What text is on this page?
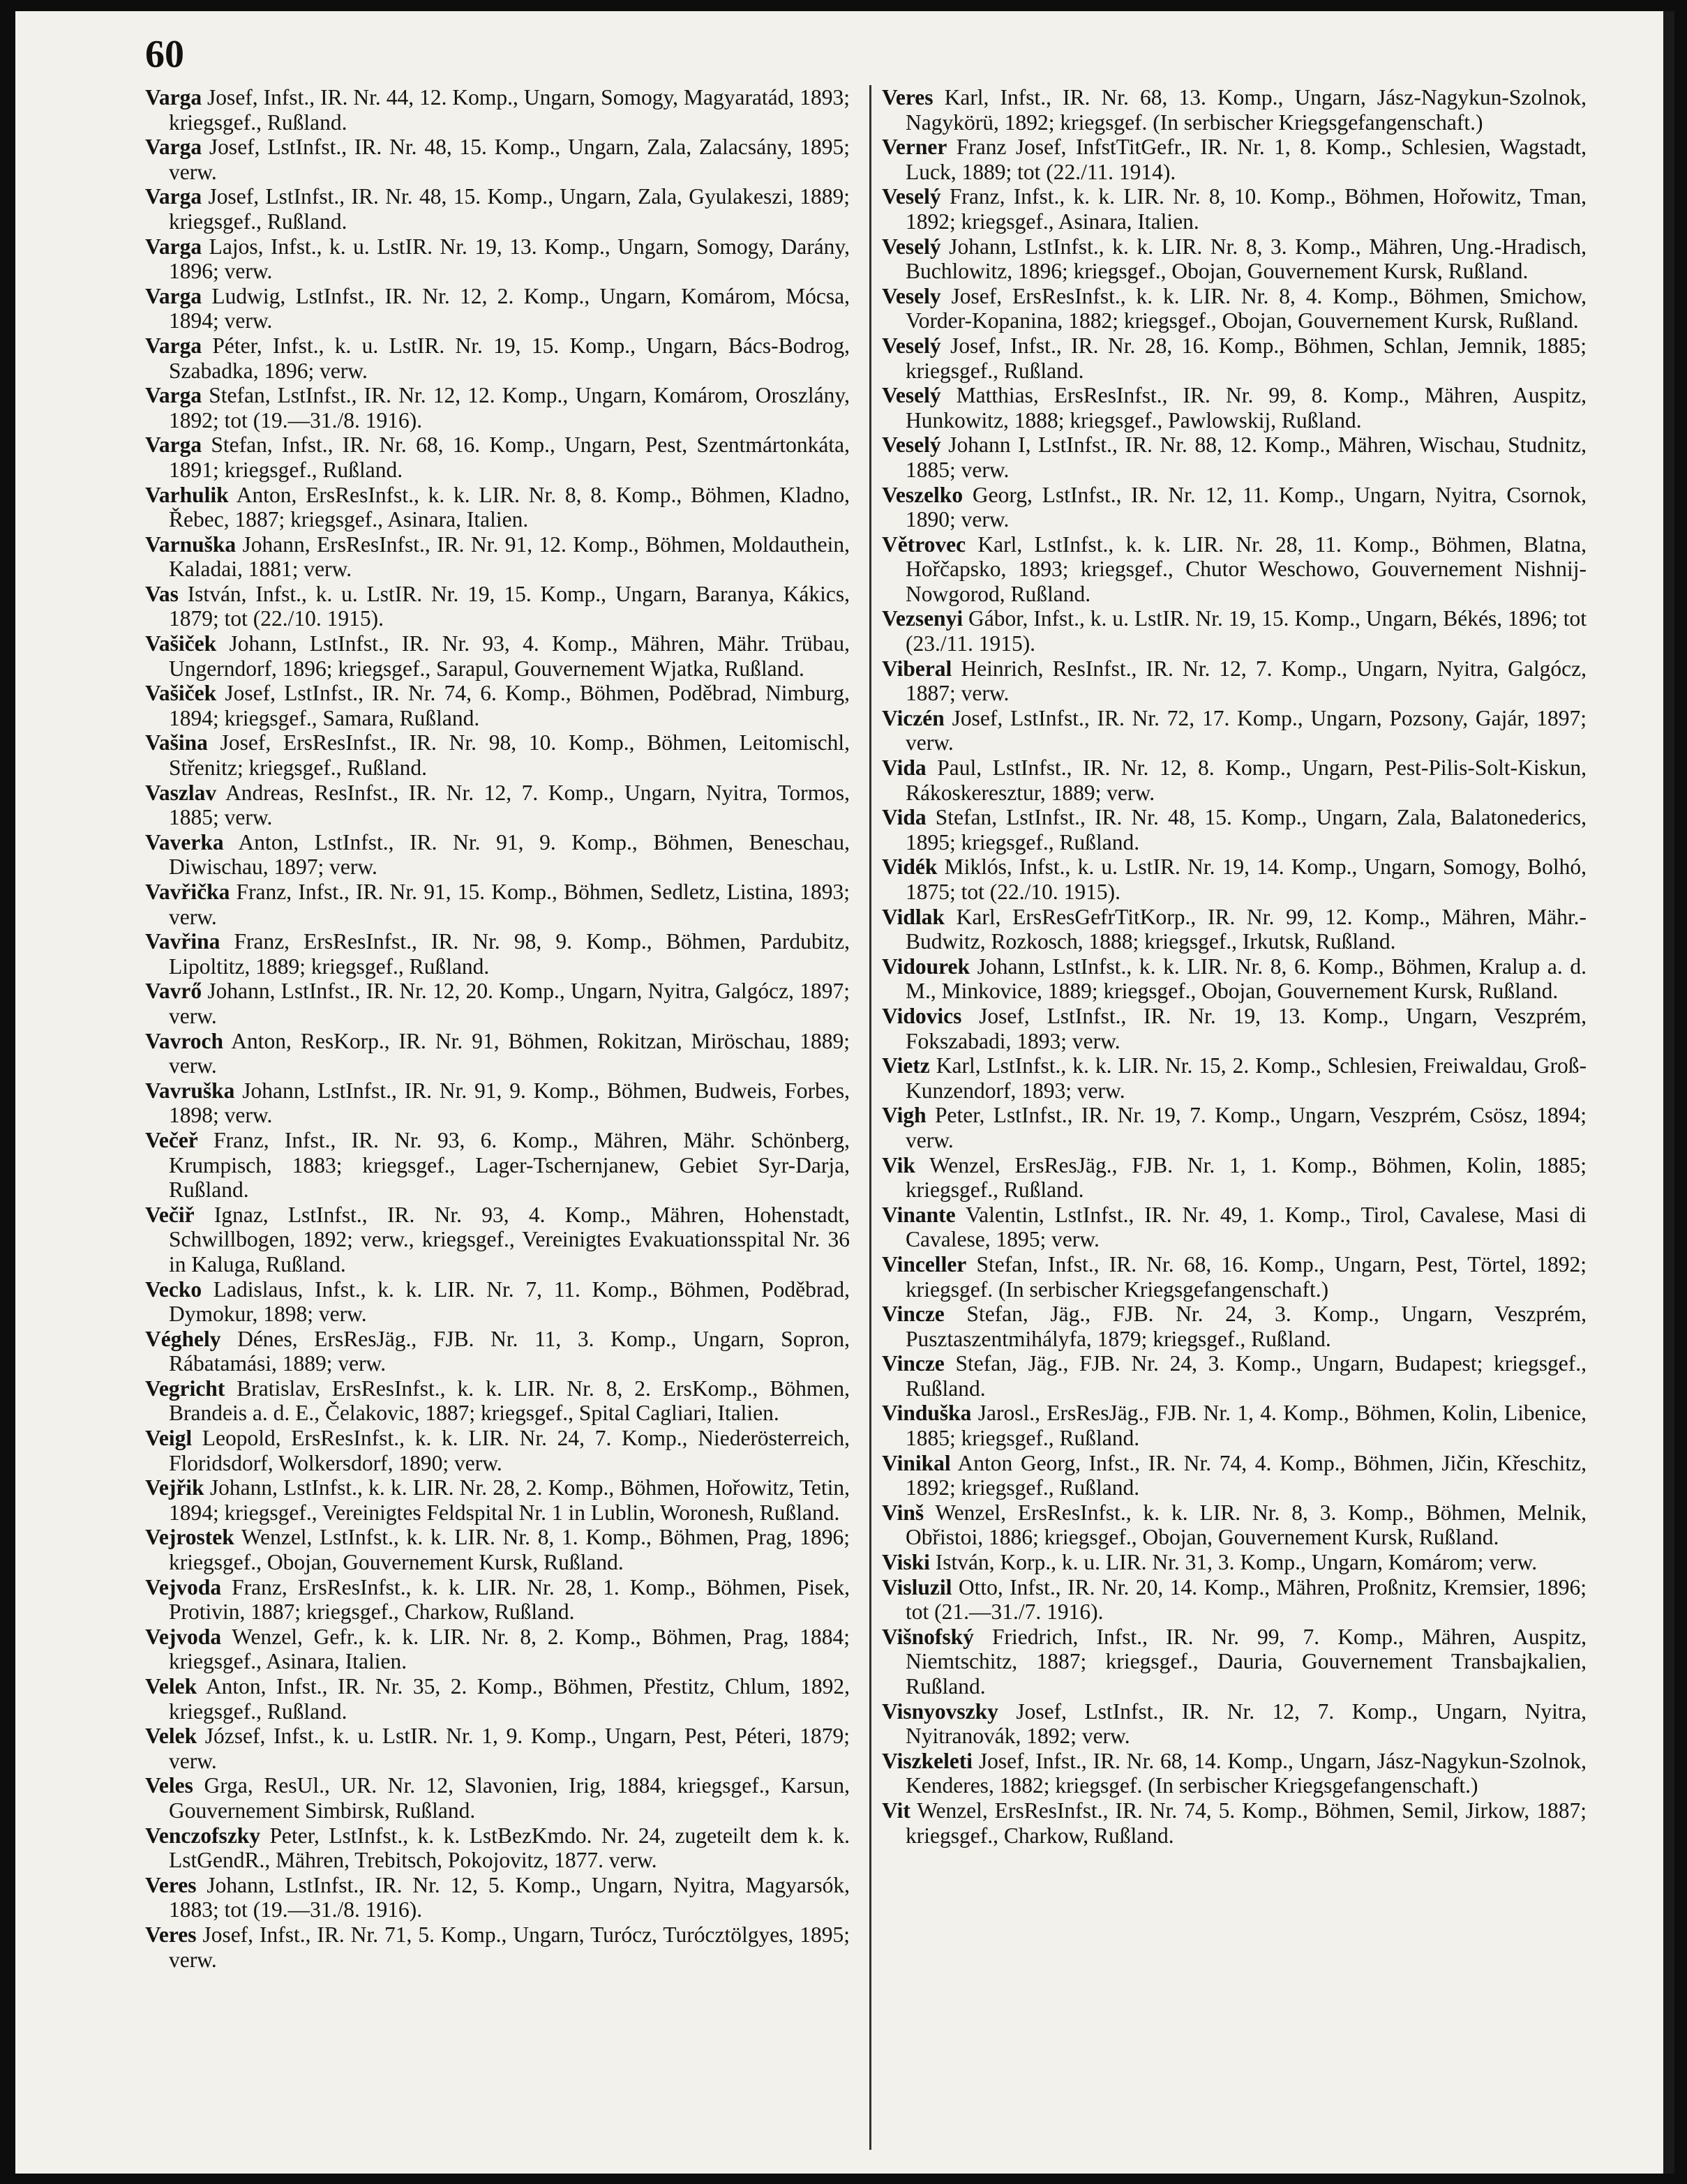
60

Varga Josef, Infst., IR. Nr. 44, 12. Komp., Ungarn, Somogy, Magyaratád, 1893; kriegsgef., Rußland.

Varga Josef, LstInfst., IR. Nr. 48, 15. Komp., Ungarn, Zala, Zalacsány, 1895; verw.

Varga Josef, LstInfst., IR. Nr. 48, 15. Komp., Ungarn, Zala, Gyulakeszi, 1889; kriegsgef., Rußland.

Varga Lajos, Infst., k. u. LstIR. Nr. 19, 13. Komp., Ungarn, Somogy, Darány, 1896; verw.

Varga Ludwig, LstInfst., IR. Nr. 12, 2. Komp., Ungarn, Komárom, Mócsa, 1894; verw.

Varga Péter, Infst., k. u. LstIR. Nr. 19, 15. Komp., Ungarn, Bács-Bodrog, Szabadka, 1896; verw.

Varga Stefan, LstInfst., IR. Nr. 12, 12. Komp., Ungarn, Komárom, Oroszlány, 1892; tot (19.—31./8. 1916).

Varga Stefan, Infst., IR. Nr. 68, 16. Komp., Ungarn, Pest, Szentmártonkáta, 1891; kriegsgef., Rußland.

Varhulik Anton, ErsResInfst., k. k. LIR. Nr. 8, 8. Komp., Böhmen, Kladno, Řebec, 1887; kriegsgef., Asinara, Italien.

Varnuška Johann, ErsResInfst., IR. Nr. 91, 12. Komp., Böhmen, Moldauthein, Kaladai, 1881; verw.

Vas István, Infst., k. u. LstIR. Nr. 19, 15. Komp., Ungarn, Baranya, Kákics, 1879; tot (22./10. 1915).

Vašiček Johann, LstInfst., IR. Nr. 93, 4. Komp., Mähren, Mähr. Trübau, Ungerndorf, 1896; kriegsgef., Sarapul, Gouvernement Wjatka, Rußland.

Vašiček Josef, LstInfst., IR. Nr. 74, 6. Komp., Böhmen, Poděbrad, Nimburg, 1894; kriegsgef., Samara, Rußland.

Vašina Josef, ErsResInfst., IR. Nr. 98, 10. Komp., Böhmen, Leitomischl, Střenitz; kriegsgef., Rußland.

Vaszlav Andreas, ResInfst., IR. Nr. 12, 7. Komp., Ungarn, Nyitra, Tormos, 1885; verw.

Vaverka Anton, LstInfst., IR. Nr. 91, 9. Komp., Böhmen, Beneschau, Diwischau, 1897; verw.

Vavřička Franz, Infst., IR. Nr. 91, 15. Komp., Böhmen, Sedletz, Listina, 1893; verw.

Vavřina Franz, ErsResInfst., IR. Nr. 98, 9. Komp., Böhmen, Pardubitz, Lipoltitz, 1889; kriegsgef., Rußland.

Vavrő Johann, LstInfst., IR. Nr. 12, 20. Komp., Ungarn, Nyitra, Galgócz, 1897; verw.

Vavroch Anton, ResKorp., IR. Nr. 91, Böhmen, Rokitzan, Miröschau, 1889; verw.

Vavruška Johann, LstInfst., IR. Nr. 91, 9. Komp., Böhmen, Budweis, Forbes, 1898; verw.

Večeř Franz, Infst., IR. Nr. 93, 6. Komp., Mähren, Mähr. Schönberg, Krumpisch, 1883; kriegsgef., Lager-Tschernjanew, Gebiet Syr-Darja, Rußland.

Večiř Ignaz, LstInfst., IR. Nr. 93, 4. Komp., Mähren, Hohenstadt, Schwillbogen, 1892; verw., kriegsgef., Vereinigtes Evakuationsspital Nr. 36 in Kaluga, Rußland.

Vecko Ladislaus, Infst., k. k. LIR. Nr. 7, 11. Komp., Böhmen, Poděbrad, Dymokur, 1898; verw.

Véghely Dénes, ErsResJäg., FJB. Nr. 11, 3. Komp., Ungarn, Sopron, Rábatamási, 1889; verw.

Vegricht Bratislav, ErsResInfst., k. k. LIR. Nr. 8, 2. ErsKomp., Böhmen, Brandeis a. d. E., Čelakovic, 1887; kriegsgef., Spital Cagliari, Italien.

Veigl Leopold, ErsResInfst., k. k. LIR. Nr. 24, 7. Komp., Niederösterreich, Floridsdorf, Wolkersdorf, 1890; verw.

Vejřik Johann, LstInfst., k. k. LIR. Nr. 28, 2. Komp., Böhmen, Hořowitz, Tetin, 1894; kriegsgef., Vereinigtes Feldspital Nr. 1 in Lublin, Woronesh, Rußland.

Vejrostek Wenzel, LstInfst., k. k. LIR. Nr. 8, 1. Komp., Böhmen, Prag, 1896; kriegsgef., Obojan, Gouvernement Kursk, Rußland.

Vejvoda Franz, ErsResInfst., k. k. LIR. Nr. 28, 1. Komp., Böhmen, Pisek, Protivin, 1887; kriegsgef., Charkow, Rußland.

Vejvoda Wenzel, Gefr., k. k. LIR. Nr. 8, 2. Komp., Böhmen, Prag, 1884; kriegsgef., Asinara, Italien.

Velek Anton, Infst., IR. Nr. 35, 2. Komp., Böhmen, Přestitz, Chlum, 1892, kriegsgef., Rußland.

Velek József, Infst., k. u. LstIR. Nr. 1, 9. Komp., Ungarn, Pest, Péteri, 1879; verw.

Veles Grga, ResUl., UR. Nr. 12, Slavonien, Irig, 1884, kriegsgef., Karsun, Gouvernement Simbirsk, Rußland.

Venczofszky Peter, LstInfst., k. k. LstBezKmdo. Nr. 24, zugeteilt dem k. k. LstGendR., Mähren, Trebitsch, Pokojovitz, 1877. verw.

Veres Johann, LstInfst., IR. Nr. 12, 5. Komp., Ungarn, Nyitra, Magyarsók, 1883; tot (19.—31./8. 1916).

Veres Josef, Infst., IR. Nr. 71, 5. Komp., Ungarn, Turócz, Turócztölgyes, 1895; verw.

Veres Karl, Infst., IR. Nr. 68, 13. Komp., Ungarn, Jász-Nagykun-Szolnok, Nagykörü, 1892; kriegsgef. (In serbischer Kriegsgefangenschaft.)

Verner Franz Josef, InfstTitGefr., IR. Nr. 1, 8. Komp., Schlesien, Wagstadt, Luck, 1889; tot (22./11. 1914).

Veselý Franz, Infst., k. k. LIR. Nr. 8, 10. Komp., Böhmen, Hořowitz, Tman, 1892; kriegsgef., Asinara, Italien.

Veselý Johann, LstInfst., k. k. LIR. Nr. 8, 3. Komp., Mähren, Ung.-Hradisch, Buchlowitz, 1896; kriegsgef., Obojan, Gouvernement Kursk, Rußland.

Vesely Josef, ErsResInfst., k. k. LIR. Nr. 8, 4. Komp., Böhmen, Smichow, Vorder-Kopanina, 1882; kriegsgef., Obojan, Gouvernement Kursk, Rußland.

Veselý Josef, Infst., IR. Nr. 28, 16. Komp., Böhmen, Schlan, Jemnik, 1885; kriegsgef., Rußland.

Veselý Matthias, ErsResInfst., IR. Nr. 99, 8. Komp., Mähren, Auspitz, Hunkowitz, 1888; kriegsgef., Pawlowskij, Rußland.

Veselý Johann I, LstInfst., IR. Nr. 88, 12. Komp., Mähren, Wischau, Studnitz, 1885; verw.

Veszelko Georg, LstInfst., IR. Nr. 12, 11. Komp., Ungarn, Nyitra, Csornok, 1890; verw.

Větrovec Karl, LstInfst., k. k. LIR. Nr. 28, 11. Komp., Böhmen, Blatna, Hořčapsko, 1893; kriegsgef., Chutor Weschowo, Gouvernement Nishnij-Nowgorod, Rußland.

Vezsenyi Gábor, Infst., k. u. LstIR. Nr. 19, 15. Komp., Ungarn, Békés, 1896; tot (23./11. 1915).

Viberal Heinrich, ResInfst., IR. Nr. 12, 7. Komp., Ungarn, Nyitra, Galgócz, 1887; verw.

Viczén Josef, LstInfst., IR. Nr. 72, 17. Komp., Ungarn, Pozsony, Gajár, 1897; verw.

Vida Paul, LstInfst., IR. Nr. 12, 8. Komp., Ungarn, Pest-Pilis-Solt-Kiskun, Rákoskeresztur, 1889; verw.

Vida Stefan, LstInfst., IR. Nr. 48, 15. Komp., Ungarn, Zala, Balatonederics, 1895; kriegsgef., Rußland.

Vidék Miklós, Infst., k. u. LstIR. Nr. 19, 14. Komp., Ungarn, Somogy, Bolhó, 1875; tot (22./10. 1915).

Vidlak Karl, ErsResGefrTitKorp., IR. Nr. 99, 12. Komp., Mähren, Mähr.-Budwitz, Rozkosch, 1888; kriegsgef., Irkutsk, Rußland.

Vidourek Johann, LstInfst., k. k. LIR. Nr. 8, 6. Komp., Böhmen, Kralup a. d. M., Minkovice, 1889; kriegsgef., Obojan, Gouvernement Kursk, Rußland.

Vidovics Josef, LstInfst., IR. Nr. 19, 13. Komp., Ungarn, Veszprém, Fokszabadi, 1893; verw.

Vietz Karl, LstInfst., k. k. LIR. Nr. 15, 2. Komp., Schlesien, Freiwaldau, Groß-Kunzendorf, 1893; verw.

Vigh Peter, LstInfst., IR. Nr. 19, 7. Komp., Ungarn, Veszprém, Csösz, 1894; verw.

Vik Wenzel, ErsResJäg., FJB. Nr. 1, 1. Komp., Böhmen, Kolin, 1885; kriegsgef., Rußland.

Vinante Valentin, LstInfst., IR. Nr. 49, 1. Komp., Tirol, Cavalese, Masi di Cavalese, 1895; verw.

Vinceller Stefan, Infst., IR. Nr. 68, 16. Komp., Ungarn, Pest, Törtel, 1892; kriegsgef. (In serbischer Kriegsgefangenschaft.)

Vincze Stefan, Jäg., FJB. Nr. 24, 3. Komp., Ungarn, Veszprém, Pusztaszentmihályfa, 1879; kriegsgef., Rußland.

Vincze Stefan, Jäg., FJB. Nr. 24, 3. Komp., Ungarn, Budapest; kriegsgef., Rußland.

Vinduška Jarosl., ErsResJäg., FJB. Nr. 1, 4. Komp., Böhmen, Kolin, Libenice, 1885; kriegsgef., Rußland.

Vinikal Anton Georg, Infst., IR. Nr. 74, 4. Komp., Böhmen, Jičin, Křeschitz, 1892; kriegsgef., Rußland.

Vinš Wenzel, ErsResInfst., k. k. LIR. Nr. 8, 3. Komp., Böhmen, Melnik, Obřistoi, 1886; kriegsgef., Obojan, Gouvernement Kursk, Rußland.

Viski István, Korp., k. u. LIR. Nr. 31, 3. Komp., Ungarn, Komárom; verw.

Visluzil Otto, Infst., IR. Nr. 20, 14. Komp., Mähren, Proßnitz, Kremsier, 1896; tot (21.—31./7. 1916).

Višnofský Friedrich, Infst., IR. Nr. 99, 7. Komp., Mähren, Auspitz, Niemtschitz, 1887; kriegsgef., Dauria, Gouvernement Transbajkalien, Rußland.

Visnyovszky Josef, LstInfst., IR. Nr. 12, 7. Komp., Ungarn, Nyitra, Nyitranovák, 1892; verw.

Viszkeleti Josef, Infst., IR. Nr. 68, 14. Komp., Ungarn, Jász-Nagykun-Szolnok, Kenderes, 1882; kriegsgef. (In serbischer Kriegsgefangenschaft.)

Vit Wenzel, ErsResInfst., IR. Nr. 74, 5. Komp., Böhmen, Semil, Jirkow, 1887; kriegsgef., Charkow, Rußland.
